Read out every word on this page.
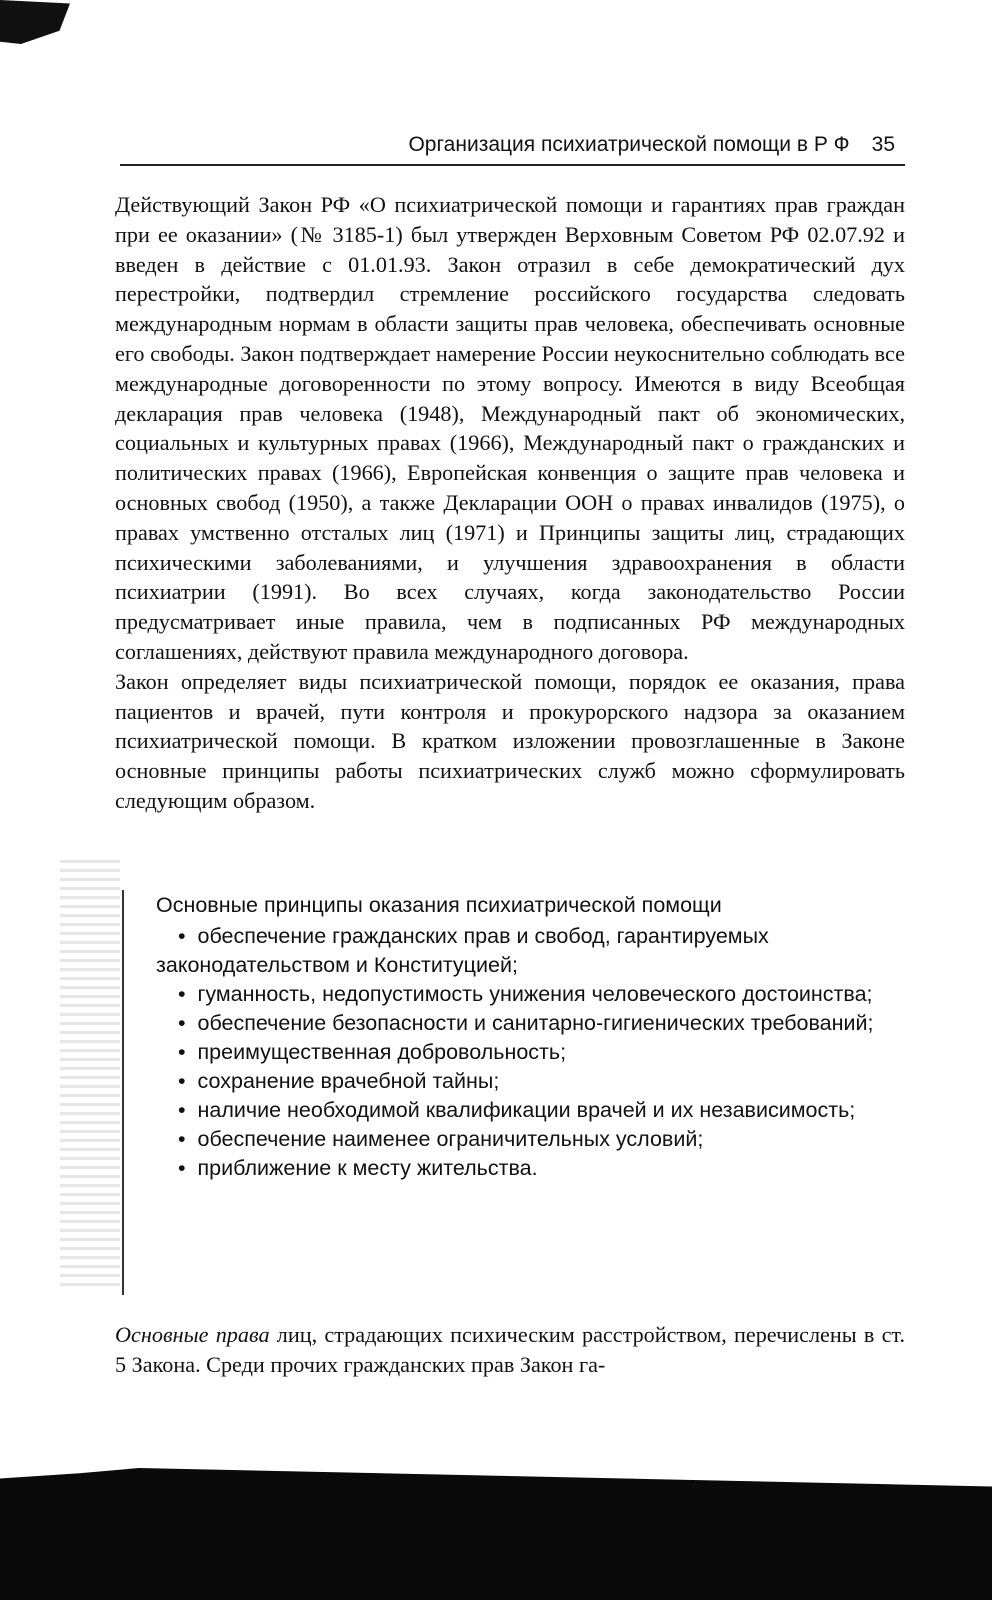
Организация психиатрической помощи в Р Ф 35

Действующий Закон РФ «О психиатрической помощи и гарантиях прав граждан при ее оказании» (№ 3185-1) был утвержден Верховным Советом РФ 02.07.92 и введен в действие с 01.01.93. Закон отразил в себе демократический дух перестройки, подтвердил стремление российского государства следовать международным нормам в области защиты прав человека, обеспечивать основные его свободы. Закон подтверждает намерение России неукоснительно соблюдать все международные договоренности по этому вопросу. Имеются в виду Всеобщая декларация прав человека (1948), Международный пакт об экономических, социальных и культурных правах (1966), Международный пакт о гражданских и политических правах (1966), Европейская конвенция о защите прав человека и основных свобод (1950), а также Декларации ООН о правах инвалидов (1975), о правах умственно отсталых лиц (1971) и Принципы защиты лиц, страдающих психическими заболеваниями, и улучшения здравоохранения в области психиатрии (1991). Во всех случаях, когда законодательство России предусматривает иные правила, чем в подписанных РФ международных соглашениях, действуют правила международного договора.

Закон определяет виды психиатрической помощи, порядок ее оказания, права пациентов и врачей, пути контроля и прокурорского надзора за оказанием психиатрической помощи. В кратком изложении провозглашенные в Законе основные принципы работы психиатрических служб можно сформулировать следующим образом.

Основные принципы оказания психиатрической помощи
• обеспечение гражданских прав и свобод, гарантируемых законодательством и Конституцией;
• гуманность, недопустимость унижения человеческого достоинства;
• обеспечение безопасности и санитарно-гигиенических требований;
• преимущественная добровольность;
• сохранение врачебной тайны;
• наличие необходимой квалификации врачей и их независимость;
• обеспечение наименее ограничительных условий;
• приближение к месту жительства.

Основные права лиц, страдающих психическим расстройством, перечислены в ст. 5 Закона. Среди прочих гражданских прав Закон га-
